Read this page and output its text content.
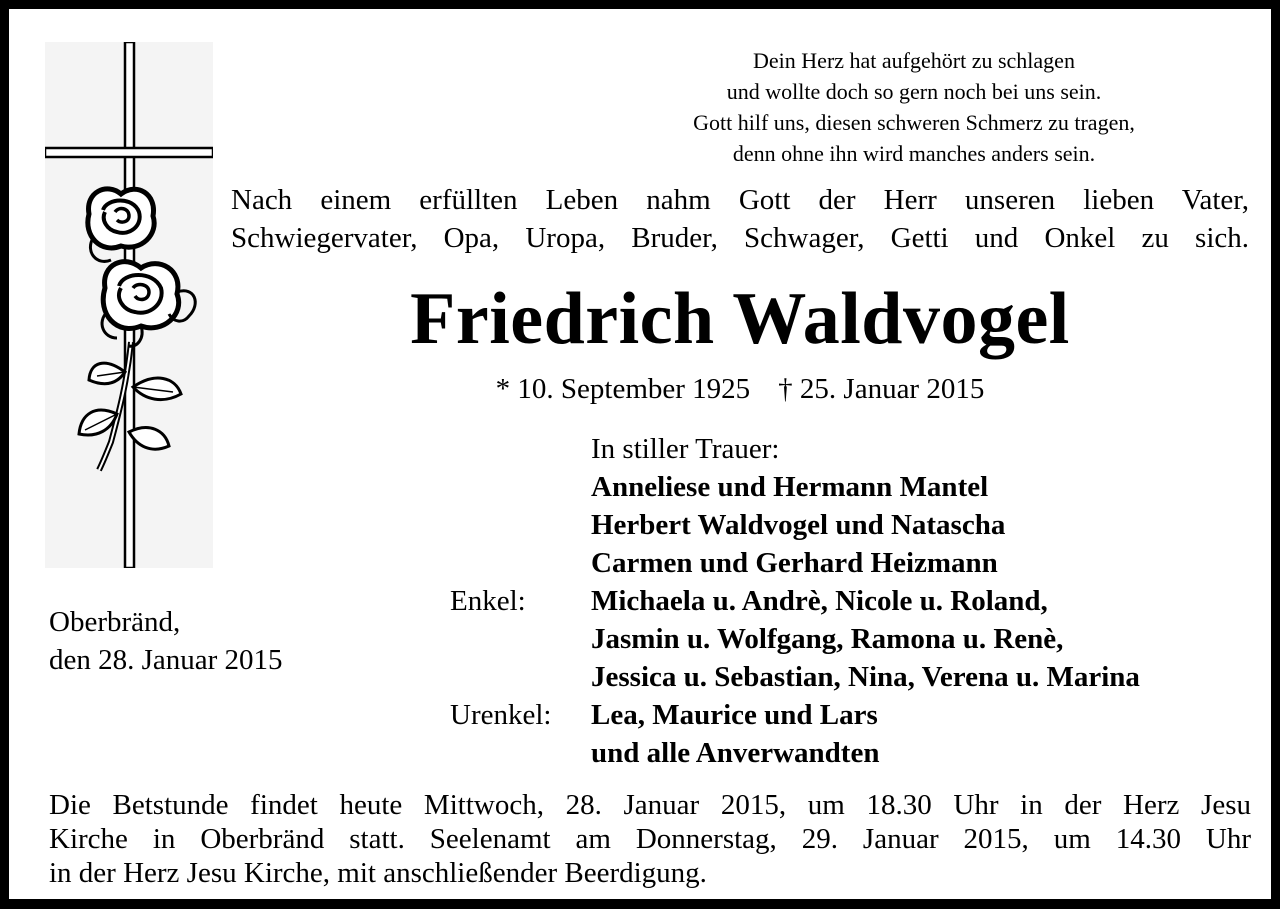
Dein Herz hat aufgehört zu schlagen
und wollte doch so gern noch bei uns sein.
Gott hilf uns, diesen schweren Schmerz zu tragen,
denn ohne ihn wird manches anders sein.
Nach einem erfüllten Leben nahm Gott der Herr unseren lieben Vater,
Schwiegervater, Opa, Uropa, Bruder, Schwager, Getti und Onkel zu sich.
Friedrich Waldvogel
* 10. September 1925 † 25. Januar 2015
In stiller Trauer:
Anneliese und Hermann Mantel
Herbert Waldvogel und Natascha
Carmen und Gerhard Heizmann
Michaela u. Andrè, Nicole u. Roland,
Jasmin u. Wolfgang, Ramona u. Renè,
Jessica u. Sebastian, Nina, Verena u. Marina
Lea, Maurice und Lars
und alle Anverwandten
Enkel:
Urenkel:
Oberbränd,
den 28. Januar 2015
Die Betstunde findet heute Mittwoch, 28. Januar 2015, um 18.30 Uhr in der Herz Jesu
Kirche in Oberbränd statt. Seelenamt am Donnerstag, 29. Januar 2015, um 14.30 Uhr
in der Herz Jesu Kirche, mit anschließender Beerdigung.
